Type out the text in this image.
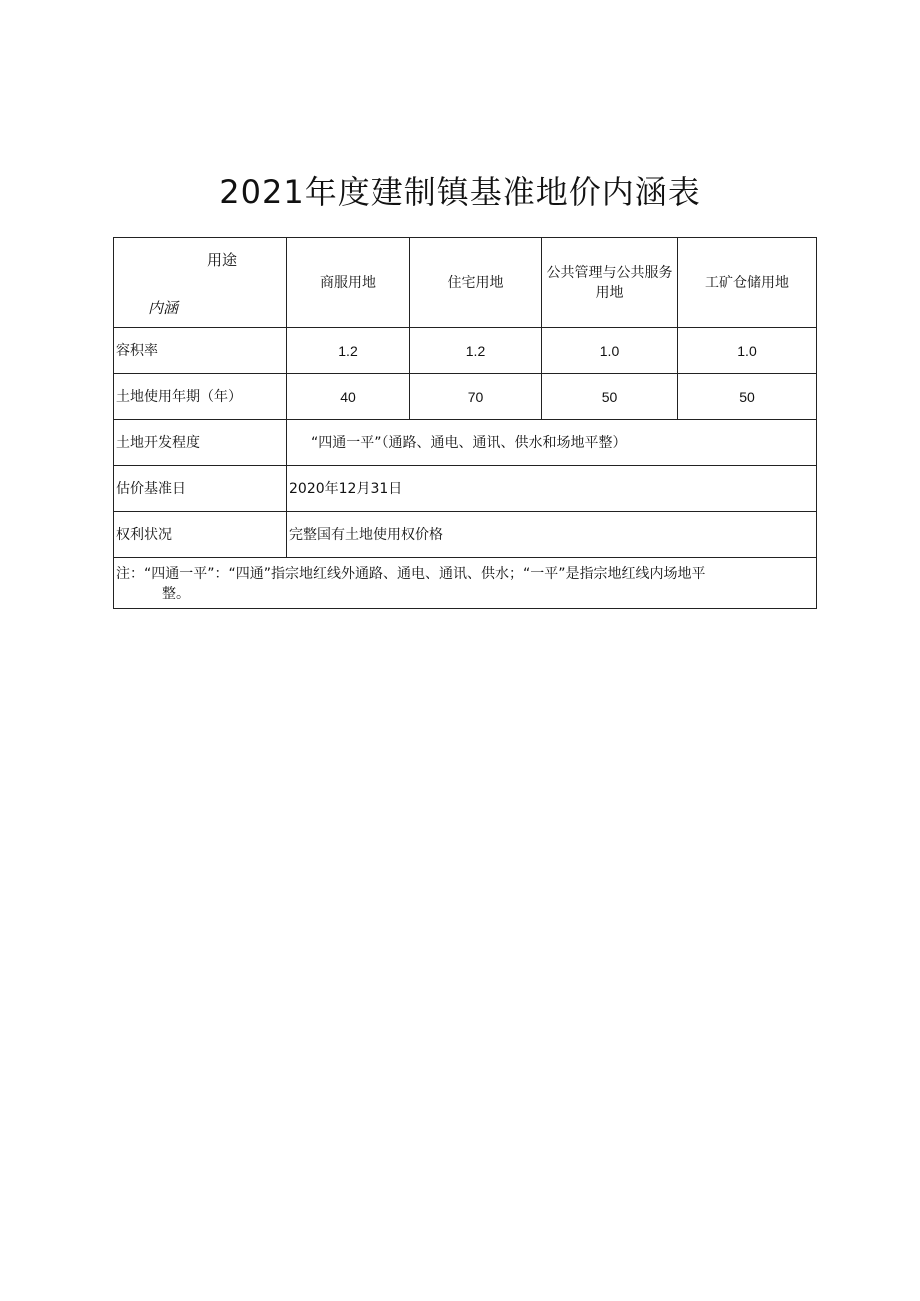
2021年度建制镇基准地价内涵表
用途
内涵	商服用地	住宅用地	公共管理与公共服务用地	工矿仓储用地
容积率	1.2	1.2	1.0	1.0
土地使用年期（年）	40	70	50	50
土地开发程度	“四通一平”（通路、通电、通讯、供水和场地平整）			
估价基准日	2020年12月31日			
权利状况	完整国有土地使用权价格			

注：“四通一平”：“四通”指宗地红线外通路、通电、通讯、供水；“一平”是指宗地红线内场地平
整。				
